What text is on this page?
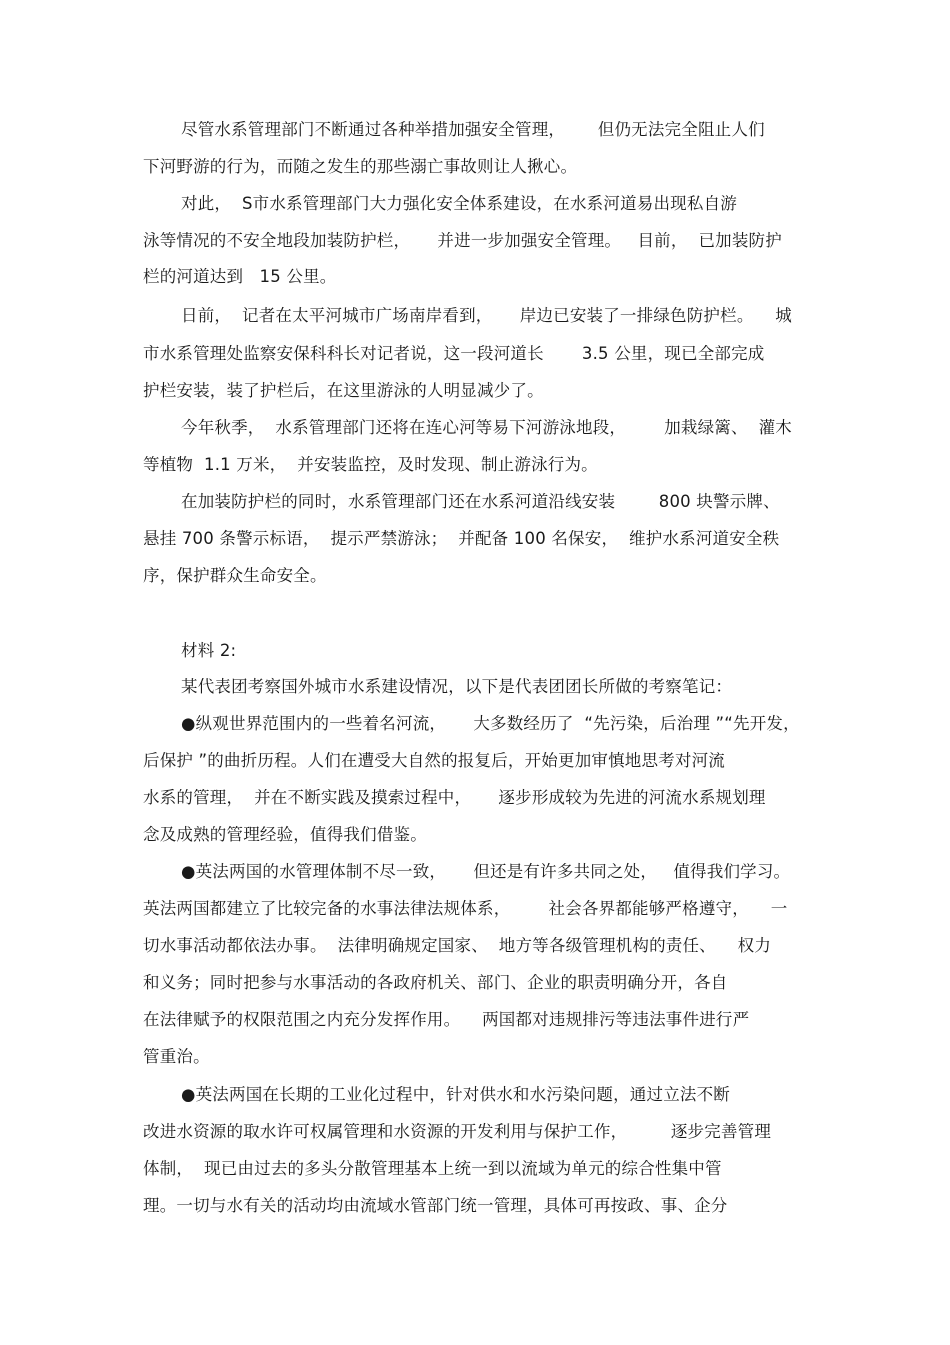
尽管水系管理部门不断通过各种举措加强安全管理，      但仍无法完全阻止人们
下河野游的行为，而随之发生的那些溺亡事故则让人揪心。
对此，  S市水系管理部门大力强化安全体系建设，在水系河道易出现私自游
泳等情况的不安全地段加装防护栏，     并进一步加强安全管理。   目前，  已加装防护
栏的河道达到   15 公里。
日前，  记者在太平河城市广场南岸看到，     岸边已安装了一排绿色防护栏。    城
市水系管理处监察安保科科长对记者说，这一段河道长       3.5 公里，现已全部完成
护栏安装，装了护栏后，在这里游泳的人明显减少了。
今年秋季，  水系管理部门还将在连心河等易下河游泳地段，       加栽绿篱、  灌木
等植物  1.1 万米，  并安装监控，及时发现、制止游泳行为。
在加装防护栏的同时，水系管理部门还在水系河道沿线安装        800 块警示牌、
悬挂 700 条警示标语，  提示严禁游泳；  并配备 100 名保安，  维护水系河道安全秩
序，保护群众生命安全。
材料 2:
某代表团考察国外城市水系建设情况，以下是代表团团长所做的考察笔记：
●纵观世界范围内的一些着名河流，     大多数经历了  “先污染，后治理 ”“先开发，
后保护 ”的曲折历程。人们在遭受大自然的报复后，开始更加审慎地思考对河流
水系的管理，  并在不断实践及摸索过程中，     逐步形成较为先进的河流水系规划理
念及成熟的管理经验，值得我们借鉴。
●英法两国的水管理体制不尽一致，     但还是有许多共同之处，   值得我们学习。
英法两国都建立了比较完备的水事法律法规体系，       社会各界都能够严格遵守，    一
切水事活动都依法办事。  法律明确规定国家、  地方等各级管理机构的责任、    权力
和义务；同时把参与水事活动的各政府机关、部门、企业的职责明确分开，各自
在法律赋予的权限范围之内充分发挥作用。    两国都对违规排污等违法事件进行严
管重治。
●英法两国在长期的工业化过程中，针对供水和水污染问题，通过立法不断
改进水资源的取水许可权属管理和水资源的开发利用与保护工作，        逐步完善管理
体制，  现已由过去的多头分散管理基本上统一到以流域为单元的综合性集中管
理。一切与水有关的活动均由流域水管部门统一管理，具体可再按政、事、企分
